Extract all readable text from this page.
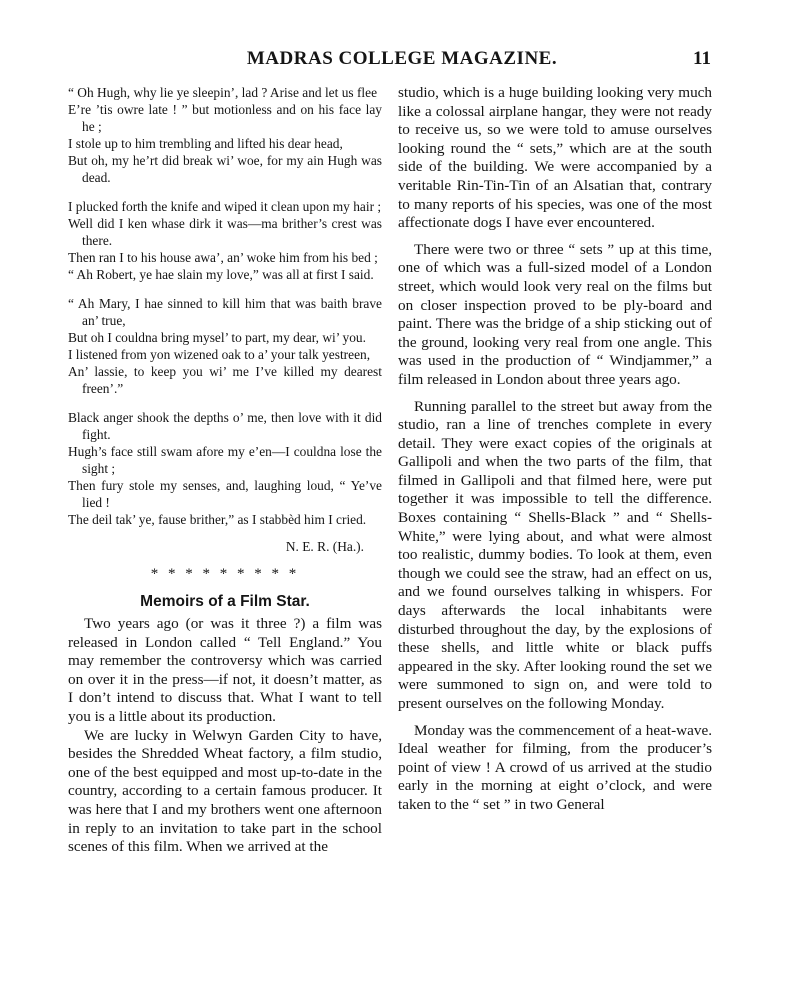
MADRAS COLLEGE MAGAZINE.	11
“ Oh Hugh, why lie ye sleepin’, lad ? Arise and let us flee
E’re ’tis owre late ! ” but motionless and on his face lay he ;
I stole up to him trembling and lifted his dear head,
But oh, my he’rt did break wi’ woe, for my ain Hugh was dead.
I plucked forth the knife and wiped it clean upon my hair ;
Well did I ken whase dirk it was—ma brither’s crest was there.
Then ran I to his house awa’, an’ woke him from his bed ;
“ Ah Robert, ye hae slain my love,” was all at first I said.
“ Ah Mary, I hae sinned to kill him that was baith brave an’ true,
But oh I couldna bring mysel’ to part, my dear, wi’ you.
I listened from yon wizened oak to a’ your talk yestreen,
An’ lassie, to keep you wi’ me I’ve killed my dearest freen’.”
Black anger shook the depths o’ me, then love with it did fight.
Hugh’s face still swam afore my e’en—I couldna lose the sight ;
Then fury stole my senses, and, laughing loud, “ Ye’ve lied !
The deil tak’ ye, fause brither,” as I stabbèd him I cried.
N. E. R. (Ha.).
* * * * * * * * *
Memoirs of a Film Star.

Two years ago (or was it three ?) a film was released in London called “ Tell England.” You may remember the controversy which was carried on over it in the press—if not, it doesn’t matter, as I don’t intend to discuss that. What I want to tell you is a little about its production.

We are lucky in Welwyn Garden City to have, besides the Shredded Wheat factory, a film studio, one of the best equipped and most up-to-date in the country, according to a certain famous producer. It was here that I and my brothers went one afternoon in reply to an invitation to take part in the school scenes of this film. When we arrived at the

studio, which is a huge building looking very much like a colossal airplane hangar, they were not ready to receive us, so we were told to amuse ourselves looking round the “ sets,” which are at the south side of the building. We were accompanied by a veritable Rin-Tin-Tin of an Alsatian that, contrary to many reports of his species, was one of the most affectionate dogs I have ever encountered.

There were two or three “ sets ” up at this time, one of which was a full-sized model of a London street, which would look very real on the films but on closer inspection proved to be ply-board and paint. There was the bridge of a ship sticking out of the ground, looking very real from one angle. This was used in the production of “ Windjammer,” a film released in London about three years ago.

Running parallel to the street but away from the studio, ran a line of trenches complete in every detail. They were exact copies of the originals at Gallipoli and when the two parts of the film, that filmed in Gallipoli and that filmed here, were put together it was impossible to tell the difference. Boxes containing “ Shells-Black ” and “ Shells-White,” were lying about, and what were almost too realistic, dummy bodies. To look at them, even though we could see the straw, had an effect on us, and we found ourselves talking in whispers. For days afterwards the local inhabitants were disturbed throughout the day, by the explosions of these shells, and little white or black puffs appeared in the sky. After looking round the set we were summoned to sign on, and were told to present ourselves on the following Monday.

Monday was the commencement of a heat-wave. Ideal weather for filming, from the producer’s point of view ! A crowd of us arrived at the studio early in the morning at eight o’clock, and were taken to the “ set ” in two General
